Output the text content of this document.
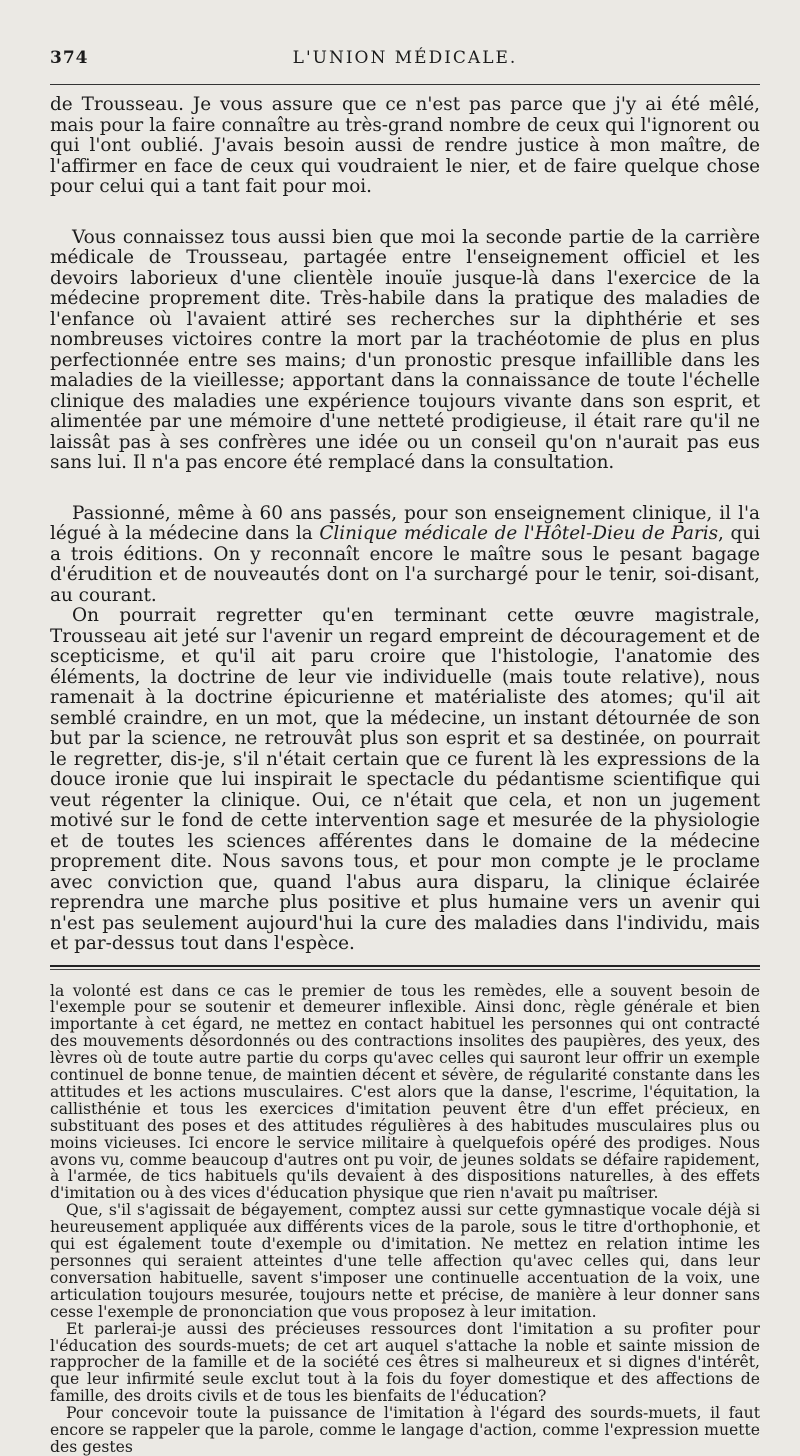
374	L'UNION MÉDICALE.

de Trousseau. Je vous assure que ce n'est pas parce que j'y ai été mêlé, mais pour la faire connaître au très-grand nombre de ceux qui l'ignorent ou qui l'ont oublié. J'avais besoin aussi de rendre justice à mon maître, de l'affirmer en face de ceux qui voudraient le nier, et de faire quelque chose pour celui qui a tant fait pour moi.

Vous connaissez tous aussi bien que moi la seconde partie de la carrière médicale de Trousseau, partagée entre l'enseignement officiel et les devoirs laborieux d'une clientèle inouïe jusque-là dans l'exercice de la médecine proprement dite. Très-habile dans la pratique des maladies de l'enfance où l'avaient attiré ses recherches sur la diphthérie et ses nombreuses victoires contre la mort par la trachéotomie de plus en plus perfectionnée entre ses mains; d'un pronostic presque infaillible dans les maladies de la vieillesse; apportant dans la connaissance de toute l'échelle clinique des maladies une expérience toujours vivante dans son esprit, et alimentée par une mémoire d'une netteté prodigieuse, il était rare qu'il ne laissât pas à ses confrères une idée ou un conseil qu'on n'aurait pas eus sans lui. Il n'a pas encore été remplacé dans la consultation.

Passionné, même à 60 ans passés, pour son enseignement clinique, il l'a légué à la médecine dans la Clinique médicale de l'Hôtel-Dieu de Paris, qui a trois éditions. On y reconnaît encore le maître sous le pesant bagage d'érudition et de nouveautés dont on l'a surchargé pour le tenir, soi-disant, au courant.

On pourrait regretter qu'en terminant cette œuvre magistrale, Trousseau ait jeté sur l'avenir un regard empreint de découragement et de scepticisme, et qu'il ait paru croire que l'histologie, l'anatomie des éléments, la doctrine de leur vie individuelle (mais toute relative), nous ramenait à la doctrine épicurienne et matérialiste des atomes; qu'il ait semblé craindre, en un mot, que la médecine, un instant détournée de son but par la science, ne retrouvât plus son esprit et sa destinée, on pourrait le regretter, dis-je, s'il n'était certain que ce furent là les expressions de la douce ironie que lui inspirait le spectacle du pédantisme scientifique qui veut régenter la clinique. Oui, ce n'était que cela, et non un jugement motivé sur le fond de cette intervention sage et mesurée de la physiologie et de toutes les sciences afférentes dans le domaine de la médecine proprement dite. Nous savons tous, et pour mon compte je le proclame avec conviction que, quand l'abus aura disparu, la clinique éclairée reprendra une marche plus positive et plus humaine vers un avenir qui n'est pas seulement aujourd'hui la cure des maladies dans l'individu, mais et par-dessus tout dans l'espèce.

la volonté est dans ce cas le premier de tous les remèdes, elle a souvent besoin de l'exemple pour se soutenir et demeurer inflexible. Ainsi donc, règle générale et bien importante à cet égard, ne mettez en contact habituel les personnes qui ont contracté des mouvements désordonnés ou des contractions insolites des paupières, des yeux, des lèvres où de toute autre partie du corps qu'avec celles qui sauront leur offrir un exemple continuel de bonne tenue, de maintien décent et sévère, de régularité constante dans les attitudes et les actions musculaires. C'est alors que la danse, l'escrime, l'équitation, la callisthénie et tous les exercices d'imitation peuvent être d'un effet précieux, en substituant des poses et des attitudes régulières à des habitudes musculaires plus ou moins vicieuses. Ici encore le service militaire à quelquefois opéré des prodiges. Nous avons vu, comme beaucoup d'autres ont pu voir, de jeunes soldats se défaire rapidement, à l'armée, de tics habituels qu'ils devaient à des dispositions naturelles, à des effets d'imitation ou à des vices d'éducation physique que rien n'avait pu maîtriser.

Que, s'il s'agissait de bégayement, comptez aussi sur cette gymnastique vocale déjà si heureusement appliquée aux différents vices de la parole, sous le titre d'orthophonie, et qui est également toute d'exemple ou d'imitation. Ne mettez en relation intime les personnes qui seraient atteintes d'une telle affection qu'avec celles qui, dans leur conversation habituelle, savent s'imposer une continuelle accentuation de la voix, une articulation toujours mesurée, toujours nette et précise, de manière à leur donner sans cesse l'exemple de prononciation que vous proposez à leur imitation.

Et parlerai-je aussi des précieuses ressources dont l'imitation a su profiter pour l'éducation des sourds-muets; de cet art auquel s'attache la noble et sainte mission de rapprocher de la famille et de la société ces êtres si malheureux et si dignes d'intérêt, que leur infirmité seule exclut tout à la fois du foyer domestique et des affections de famille, des droits civils et de tous les bienfaits de l'éducation?

Pour concevoir toute la puissance de l'imitation à l'égard des sourds-muets, il faut encore se rappeler que la parole, comme le langage d'action, comme l'expression muette des gestes
